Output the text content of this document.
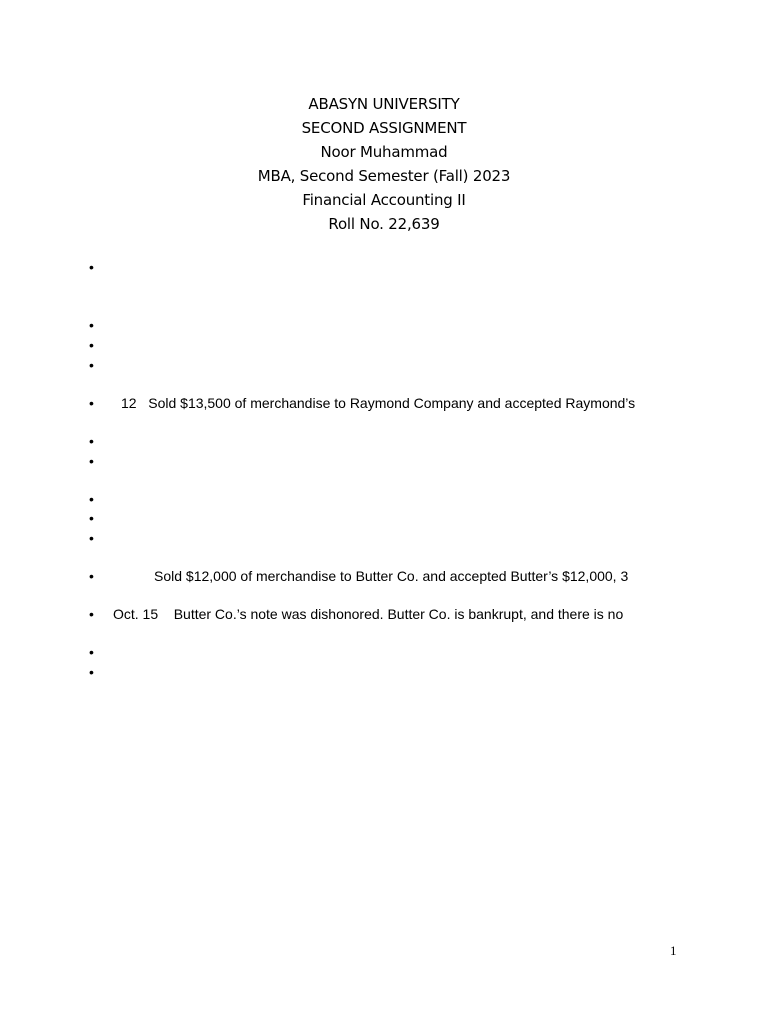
ABASYN UNIVERSITY
SECOND ASSIGNMENT
Noor Muhammad
MBA, Second Semester (Fall) 2023
Financial Accounting II
Roll No. 22,639
•
•
•
•
• 12   Sold $13,500 of merchandise to Raymond Company and accepted Raymond’s
•
•
•
•
•
•	Sold $12,000 of merchandise to Butter Co. and accepted Butter’s $12,000, 3
• Oct. 15    Butter Co.’s note was dishonored. Butter Co. is bankrupt, and there is no
•
•
1
